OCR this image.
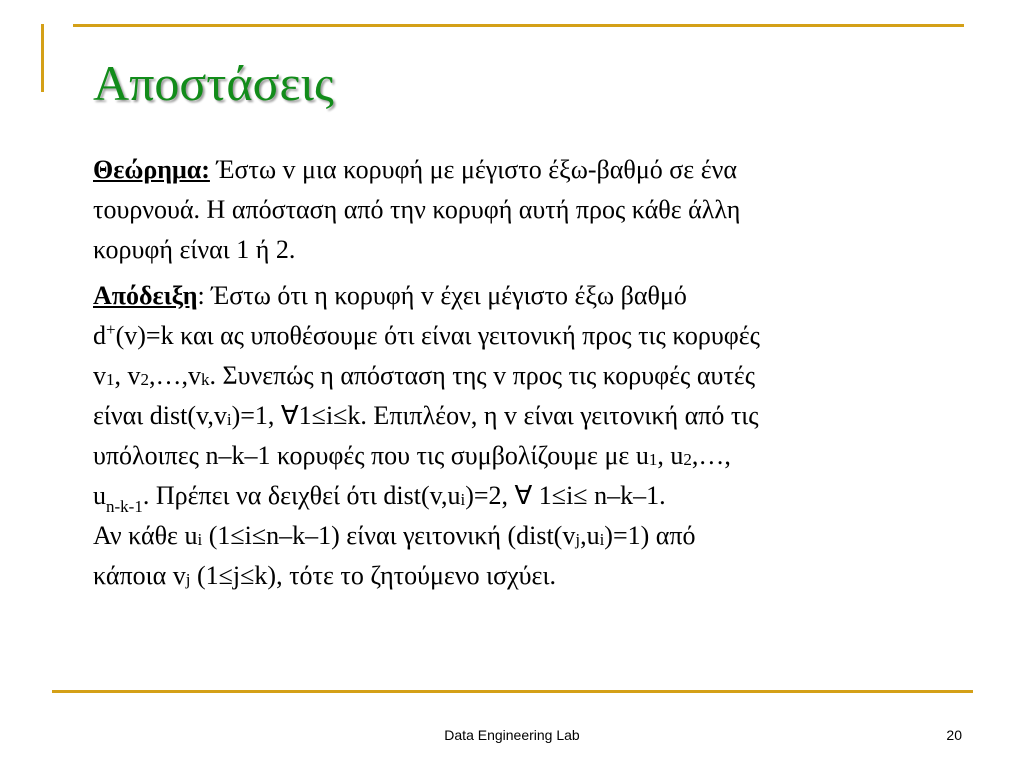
Αποστάσεις

Θεώρημα: Έστω v μια κορυφή με μέγιστο έξω-βαθμό σε ένα
τουρνουά. Η απόσταση από την κορυφή αυτή προς κάθε άλλη
κορυφή είναι 1 ή 2.

Απόδειξη: Έστω ότι η κορυφή v έχει μέγιστο έξω βαθμό
d+(v)=k και ας υποθέσουμε ότι είναι γειτονική προς τις κορυφές
$v_1$, $v_2,\dots,v_k$. Συνεπώς η απόσταση της v προς τις κορυφές αυτές
είναι $dist(v,v_i)=1$, ∀1≤i≤k. Επιπλέον, η v είναι γειτονική από τις
υπόλοιπες n–k–1 κορυφές που τις συμβολίζουμε με $u_1$, $u_2,\dots$,
$u_{n-k-1}$. Πρέπει να δειχθεί ότι $dist(v,u_i)=2$, ∀ 1≤i≤ n–k–1.
Αν κάθε $u_i$ (1≤i≤n–k–1) είναι γειτονική $(dist(v_j,u_i)=1)$ από
κάποια $v_j$ (1≤j≤k), τότε το ζητούμενο ισχύει.

Data Engineering Lab	20
